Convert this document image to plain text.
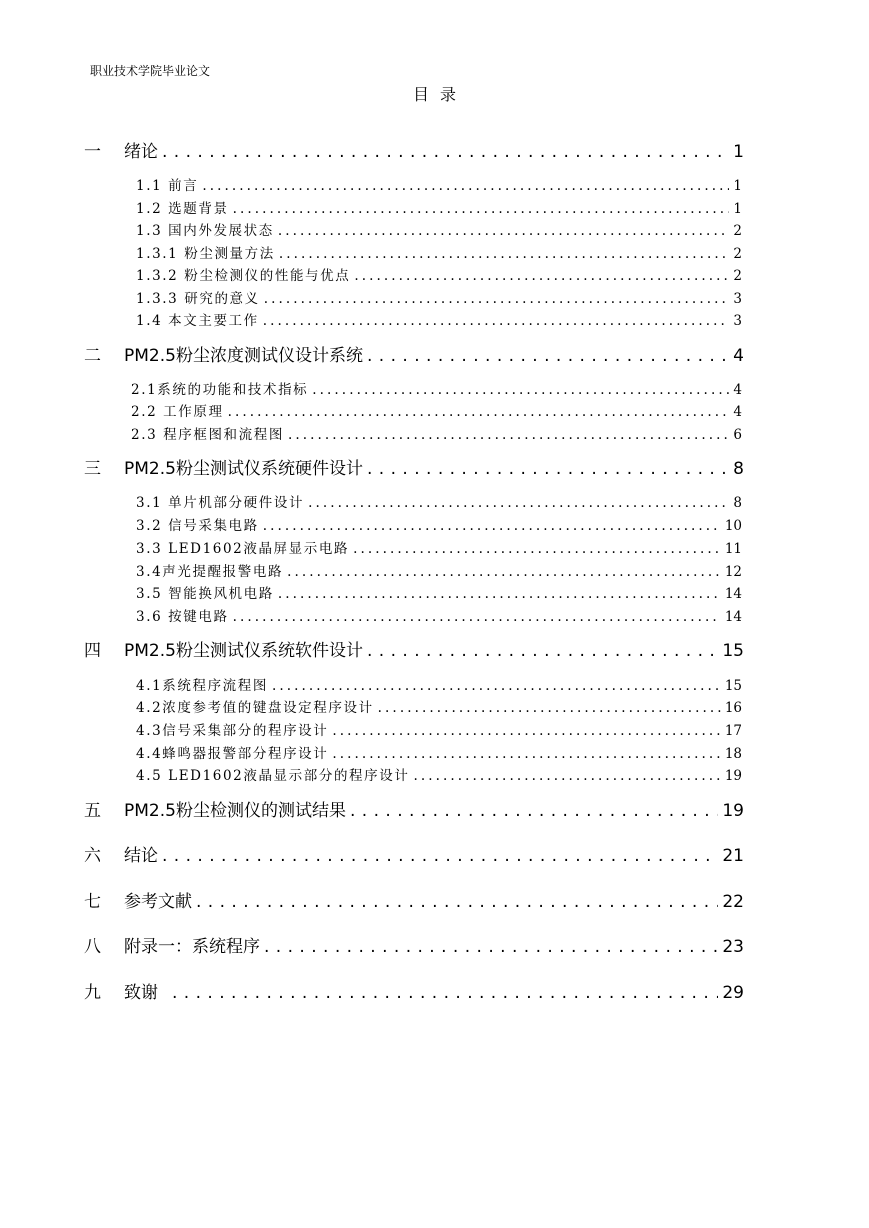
职业技术学院毕业论文
目 录
一	绪论 . . .	1
1.1 前言 . . .	1
1.2 选题背景 . . .	1
1.3 国内外发展状态 . . .	2
1.3.1 粉尘测量方法 . . .	2
1.3.2 粉尘检测仪的性能与优点 . . .	2
1.3.3 研究的意义 . . .	3
1.4 本文主要工作 . . .	3
二	PM2.5粉尘浓度测试仪设计系统 . . .	4
2.1系统的功能和技术指标 . . .	4
2.2 工作原理 . . .	4
2.3 程序框图和流程图 . . .	6
三	PM2.5粉尘测试仪系统硬件设计 . . .	8
3.1 单片机部分硬件设计 . . .	8
3.2 信号采集电路 . . .	10
3.3 LED1602液晶屏显示电路 . . .	11
3.4声光提醒报警电路 . . .	12
3.5 智能换风机电路 . . .	14
3.6 按键电路 . . .	14
四	PM2.5粉尘测试仪系统软件设计 . . .	15
4.1系统程序流程图 . . .	15
4.2浓度参考值的键盘设定程序设计 . . .	16
4.3信号采集部分的程序设计 . . .	17
4.4蜂鸣器报警部分程序设计 . . .	18
4.5 LED1602液晶显示部分的程序设计 . . .	19
五	PM2.5粉尘检测仪的测试结果 . . .	19
六	结论 . . .	21
七	参考文献 . . .	22
八	附录一：系统程序 . . .	23
九	致谢 . . .	29
